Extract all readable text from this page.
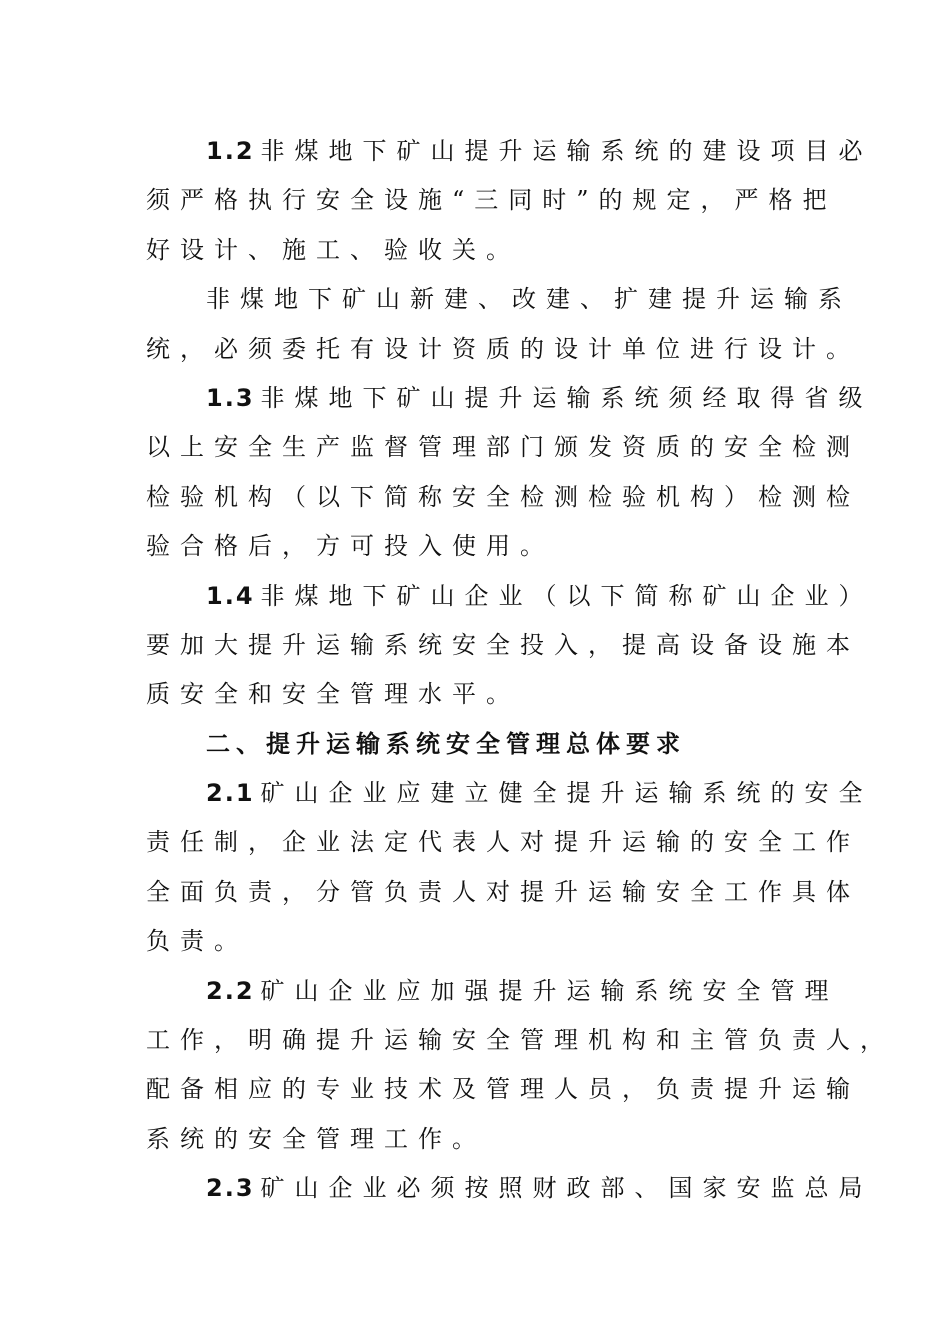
1.2 非煤地下矿山提升运输系统的建设项目必
须严格执行安全设施“三同时”的规定，严格把
好设计、施工、验收关。
非煤地下矿山新建、改建、扩建提升运输系
统，必须委托有设计资质的设计单位进行设计。
1.3 非煤地下矿山提升运输系统须经取得省级
以上安全生产监督管理部门颁发资质的安全检测
检验机构（以下简称安全检测检验机构）检测检
验合格后，方可投入使用。
1.4 非煤地下矿山企业（以下简称矿山企业）
要加大提升运输系统安全投入，提高设备设施本
质安全和安全管理水平。
二、提升运输系统安全管理总体要求
2.1 矿山企业应建立健全提升运输系统的安全
责任制，企业法定代表人对提升运输的安全工作
全面负责，分管负责人对提升运输安全工作具体
负责。
2.2 矿山企业应加强提升运输系统安全管理
工作，明确提升运输安全管理机构和主管负责人，
配备相应的专业技术及管理人员，负责提升运输
系统的安全管理工作。
2.3 矿山企业必须按照财政部、国家安监总局
